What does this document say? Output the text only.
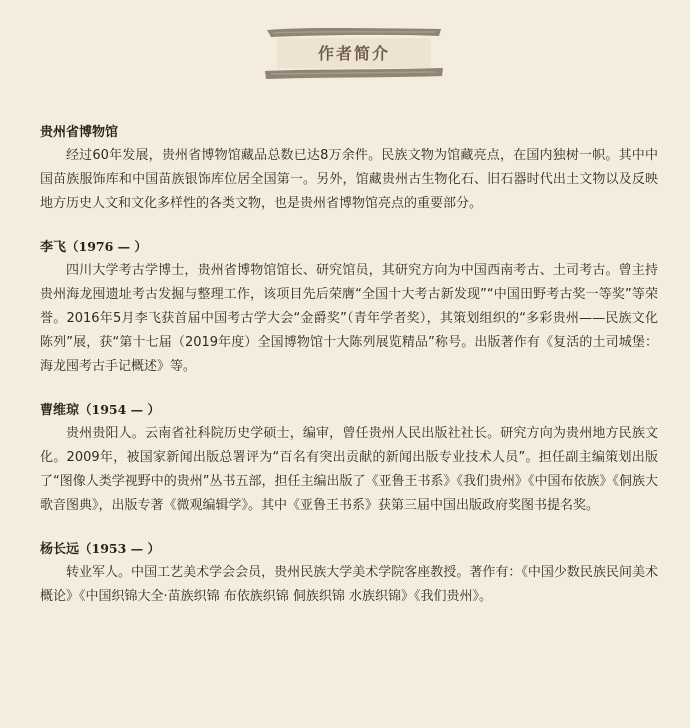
作者简介
贵州省博物馆
经过60年发展，贵州省博物馆藏品总数已达8万余件。民族文物为馆藏亮点，在国内独树一帜。其中中国苗族服饰库和中国苗族银饰库位居全国第一。另外，馆藏贵州古生物化石、旧石器时代出土文物以及反映地方历史人文和文化多样性的各类文物，也是贵州省博物馆亮点的重要部分。
李飞（1976 — ）
四川大学考古学博士，贵州省博物馆馆长、研究馆员，其研究方向为中国西南考古、土司考古。曾主持贵州海龙囤遗址考古发掘与整理工作，该项目先后荣膺“全国十大考古新发现”“中国田野考古奖一等奖”等荣誉。2016年5月李飞获首届中国考古学大会“金爵奖”（青年学者奖），其策划组织的“多彩贵州——民族文化陈列”展，获“第十七届（2019年度）全国博物馆十大陈列展览精品”称号。出版著作有《复活的土司城堡：海龙囤考古手记概述》等。
曹维琼（1954 — ）
贵州贵阳人。云南省社科院历史学硕士，编审，曾任贵州人民出版社社长。研究方向为贵州地方民族文化。2009年，被国家新闻出版总署评为“百名有突出贡献的新闻出版专业技术人员”。担任副主编策划出版了“图像人类学视野中的贵州”丛书五部，担任主编出版了《亚鲁王书系》《我们贵州》《中国布依族》《侗族大歌音图典》，出版专著《微观编辑学》。其中《亚鲁王书系》获第三届中国出版政府奖图书提名奖。
杨长远（1953 — ）
转业军人。中国工艺美术学会会员，贵州民族大学美术学院客座教授。著作有：《中国少数民族民间美术概论》《中国织锦大全·苗族织锦 布依族织锦 侗族织锦 水族织锦》《我们贵州》。
